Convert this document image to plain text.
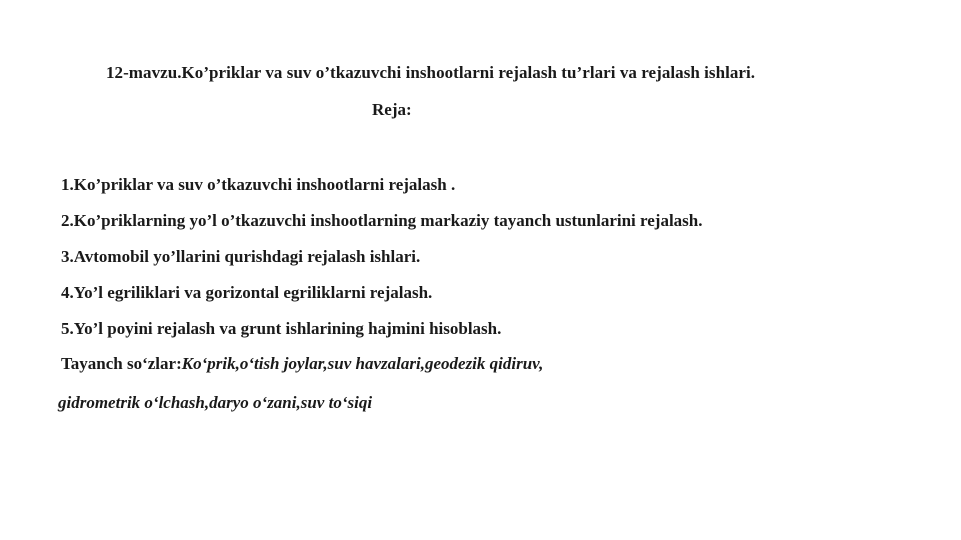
12-mavzu.Ko’priklar va suv o’tkazuvchi inshootlarni rejalash tu’rlari va rejalash ishlari.
Reja:
1.Ko’priklar va suv o’tkazuvchi inshootlarni rejalash .
2.Ko’priklarning yo’l o’tkazuvchi inshootlarning markaziy tayanch ustunlarini rejalash.
3.Avtomobil yo’llarini qurishdagi rejalash ishlari.
4.Yo’l egriliklari va gorizontal egriliklarni rejalash.
5.Yo’l poyini rejalash va grunt ishlarining hajmini hisoblash.
Tayanch so‘zlar:Ko‘prik,o‘tish joylar,suv havzalari,geodezik qidiruv,
gidrometrik o‘lchash,daryo o‘zani,suv to‘siqi
